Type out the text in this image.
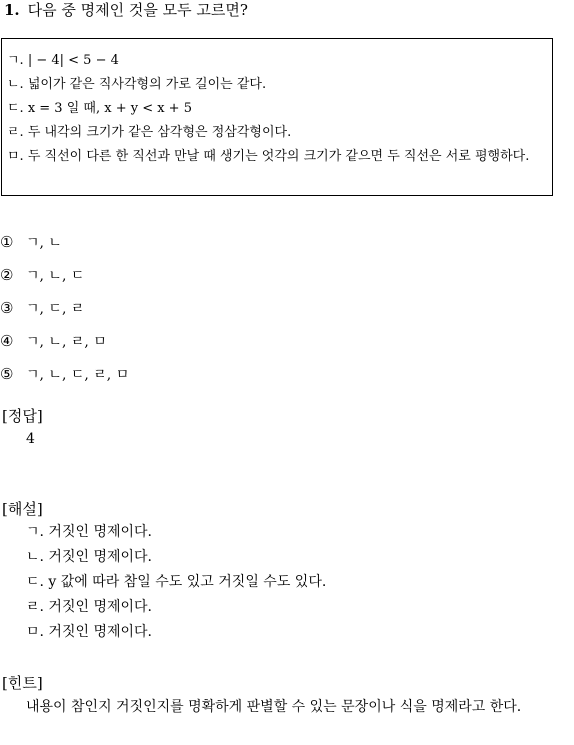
1. 다음 중 명제인 것을 모두 고르면?
ㄱ. | − 4| < 5 − 4
ㄴ. 넓이가 같은 직사각형의 가로 길이는 같다.
ㄷ. x = 3 일 때, x + y < x + 5
ㄹ. 두 내각의 크기가 같은 삼각형은 정삼각형이다.
ㅁ. 두 직선이 다른 한 직선과 만날 때 생기는 엇각의 크기가 같으면 두 직선은 서로 평행하다.
① ㄱ, ㄴ
② ㄱ, ㄴ, ㄷ
③ ㄱ, ㄷ, ㄹ
④ ㄱ, ㄴ, ㄹ, ㅁ
⑤ ㄱ, ㄴ, ㄷ, ㄹ, ㅁ
[정답]
4
[해설]
ㄱ. 거짓인 명제이다.
ㄴ. 거짓인 명제이다.
ㄷ. y 값에 따라 참일 수도 있고 거짓일 수도 있다.
ㄹ. 거짓인 명제이다.
ㅁ. 거짓인 명제이다.
[힌트]
내용이 참인지 거짓인지를 명확하게 판별할 수 있는 문장이나 식을 명제라고 한다.
